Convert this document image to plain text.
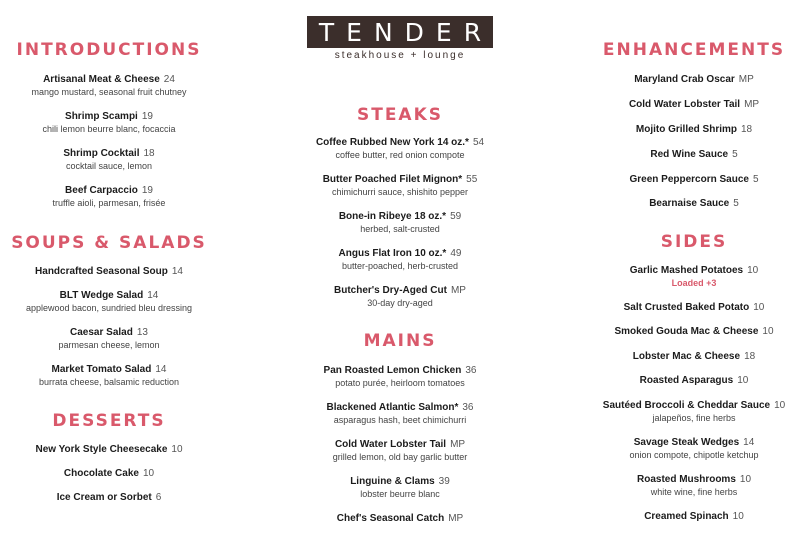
TENDER
steakhouse + lounge
INTRODUCTIONS
Artisanal Meat & Cheese 24
mango mustard, seasonal fruit chutney
Shrimp Scampi 19
chili lemon beurre blanc, focaccia
Shrimp Cocktail 18
cocktail sauce, lemon
Beef Carpaccio 19
truffle aioli, parmesan, frisée
SOUPS & SALADS
Handcrafted Seasonal Soup 14
BLT Wedge Salad 14
applewood bacon, sundried bleu dressing
Caesar Salad 13
parmesan cheese, lemon
Market Tomato Salad 14
burrata cheese, balsamic reduction
DESSERTS
New York Style Cheesecake 10
Chocolate Cake 10
Ice Cream or Sorbet 6
STEAKS
Coffee Rubbed New York 14 oz.* 54
coffee butter, red onion compote
Butter Poached Filet Mignon* 55
chimichurri sauce, shishito pepper
Bone-in Ribeye 18 oz.* 59
herbed, salt-crusted
Angus Flat Iron 10 oz.* 49
butter-poached, herb-crusted
Butcher's Dry-Aged Cut MP
30-day dry-aged
MAINS
Pan Roasted Lemon Chicken 36
potato purée, heirloom tomatoes
Blackened Atlantic Salmon* 36
asparagus hash, beet chimichurri
Cold Water Lobster Tail MP
grilled lemon, old bay garlic butter
Linguine & Clams 39
lobster beurre blanc
Chef's Seasonal Catch MP
ENHANCEMENTS
Maryland Crab Oscar MP
Cold Water Lobster Tail MP
Mojito Grilled Shrimp 18
Red Wine Sauce 5
Green Peppercorn Sauce 5
Bearnaise Sauce 5
SIDES
Garlic Mashed Potatoes 10
Loaded +3
Salt Crusted Baked Potato 10
Smoked Gouda Mac & Cheese 10
Lobster Mac & Cheese 18
Roasted Asparagus 10
Sautéed Broccoli & Cheddar Sauce 10
jalapeños, fine herbs
Savage Steak Wedges 14
onion compote, chipotle ketchup
Roasted Mushrooms 10
white wine, fine herbs
Creamed Spinach 10
